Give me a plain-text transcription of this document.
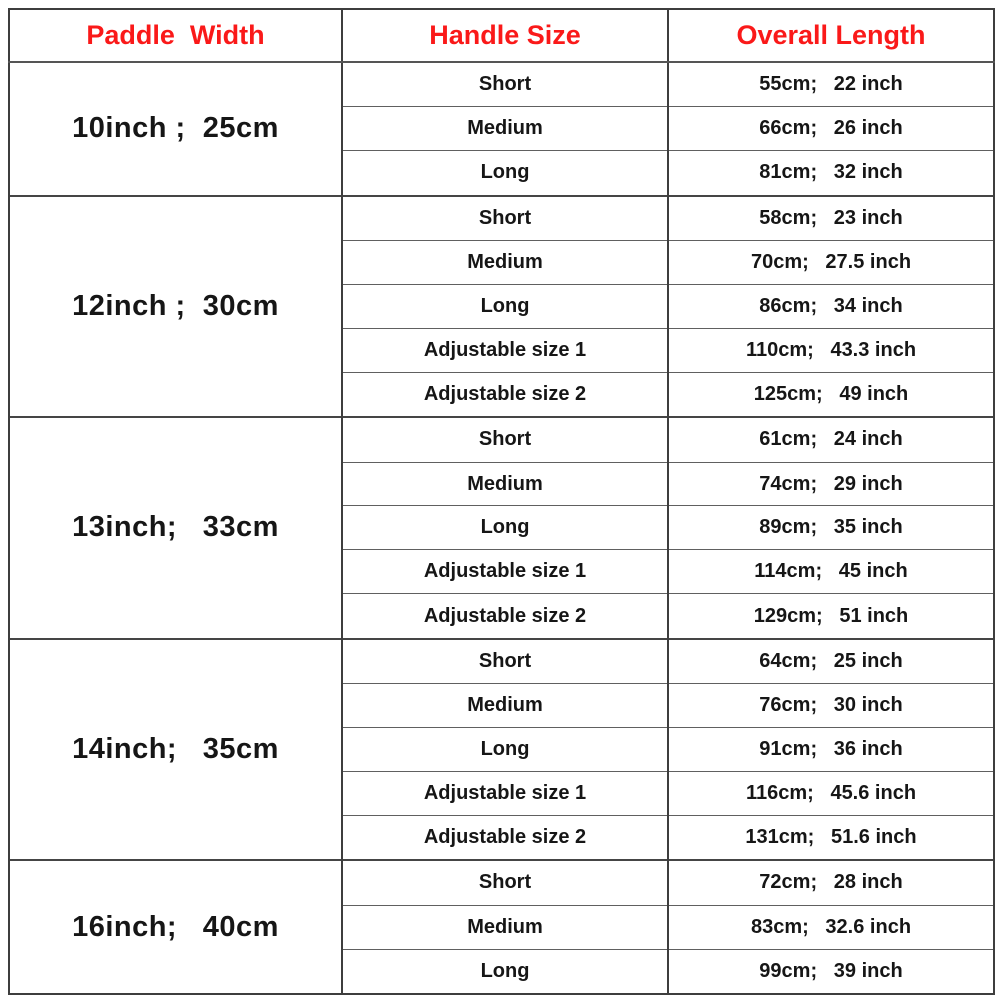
Paddle  Width	Handle Size	Overall Length
10inch ;  25cm	Short	55cm;   22 inch
	Medium	66cm;   26 inch
	Long	81cm;   32 inch
12inch ;  30cm	Short	58cm;   23 inch
	Medium	70cm;   27.5 inch
	Long	86cm;   34 inch
	Adjustable size 1	110cm;   43.3 inch
	Adjustable size 2	125cm;   49 inch
13inch;   33cm	Short	61cm;   24 inch
	Medium	74cm;   29 inch
	Long	89cm;   35 inch
	Adjustable size 1	114cm;   45 inch
	Adjustable size 2	129cm;   51 inch
14inch;   35cm	Short	64cm;   25 inch
	Medium	76cm;   30 inch
	Long	91cm;   36 inch
	Adjustable size 1	116cm;   45.6 inch
	Adjustable size 2	131cm;   51.6 inch
16inch;   40cm	Short	72cm;   28 inch
	Medium	83cm;   32.6 inch
	Long	99cm;   39 inch
